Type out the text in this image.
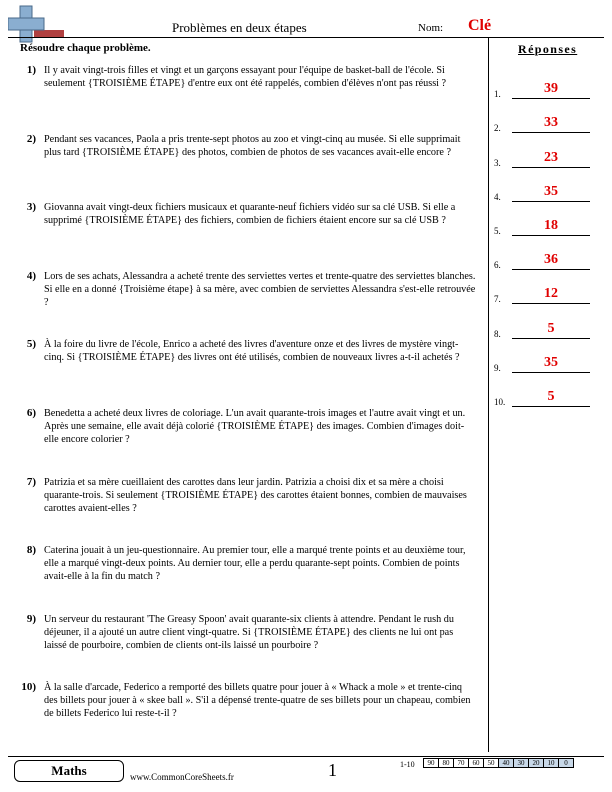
Problèmes en deux étapes	Nom: Clé
Résoudre chaque problème.
1) Il y avait vingt-trois filles et vingt et un garçons essayant pour l'équipe de basket-ball de l'école. Si seulement {TROISIÈME ÉTAPE} d'entre eux ont été rappelés, combien d'élèves n'ont pas réussi ?
2) Pendant ses vacances, Paola a pris trente-sept photos au zoo et vingt-cinq au musée. Si elle supprimait plus tard {TROISIÈME ÉTAPE} des photos, combien de photos de ses vacances avait-elle encore ?
3) Giovanna avait vingt-deux fichiers musicaux et quarante-neuf fichiers vidéo sur sa clé USB. Si elle a supprimé {TROISIÈME ÉTAPE} des fichiers, combien de fichiers étaient encore sur sa clé USB ?
4) Lors de ses achats, Alessandra a acheté trente des serviettes vertes et trente-quatre des serviettes blanches. Si elle en a donné {Troisième étape} à sa mère, avec combien de serviettes Alessandra s'est-elle retrouvée ?
5) À la foire du livre de l'école, Enrico a acheté des livres d'aventure onze et des livres de mystère vingt-cinq. Si {TROISIÈME ÉTAPE} des livres ont été utilisés, combien de nouveaux livres a-t-il achetés ?
6) Benedetta a acheté deux livres de coloriage. L'un avait quarante-trois images et l'autre avait vingt et un. Après une semaine, elle avait déjà colorié {TROISIÈME ÉTAPE} des images. Combien d'images doit-elle encore colorier ?
7) Patrizia et sa mère cueillaient des carottes dans leur jardin. Patrizia a choisi dix et sa mère a choisi quarante-trois. Si seulement {TROISIÈME ÉTAPE} des carottes étaient bonnes, combien de mauvaises carottes avaient-elles ?
8) Caterina jouait à un jeu-questionnaire. Au premier tour, elle a marqué trente points et au deuxième tour, elle a marqué vingt-deux points. Au dernier tour, elle a perdu quarante-sept points. Combien de points avait-elle à la fin du match ?
9) Un serveur du restaurant 'The Greasy Spoon' avait quarante-six clients à attendre. Pendant le rush du déjeuner, il a ajouté un autre client vingt-quatre. Si {TROISIÈME ÉTAPE} des clients ne lui ont pas laissé de pourboire, combien de clients ont-ils laissé un pourboire ?
10) À la salle d'arcade, Federico a remporté des billets quatre pour jouer à « Whack a mole » et trente-cinq des billets pour jouer à « skee ball ». S'il a dépensé trente-quatre de ses billets pour un chapeau, combien de billets Federico lui reste-t-il ?
Réponses
1.	39
2.	33
3.	23
4.	35
5.	18
6.	36
7.	12
8.	5
9.	35
10.	5
Maths	www.CommonCoreSheets.fr	1	1-10	90	80	70	60	50	40	30	20	10	0
